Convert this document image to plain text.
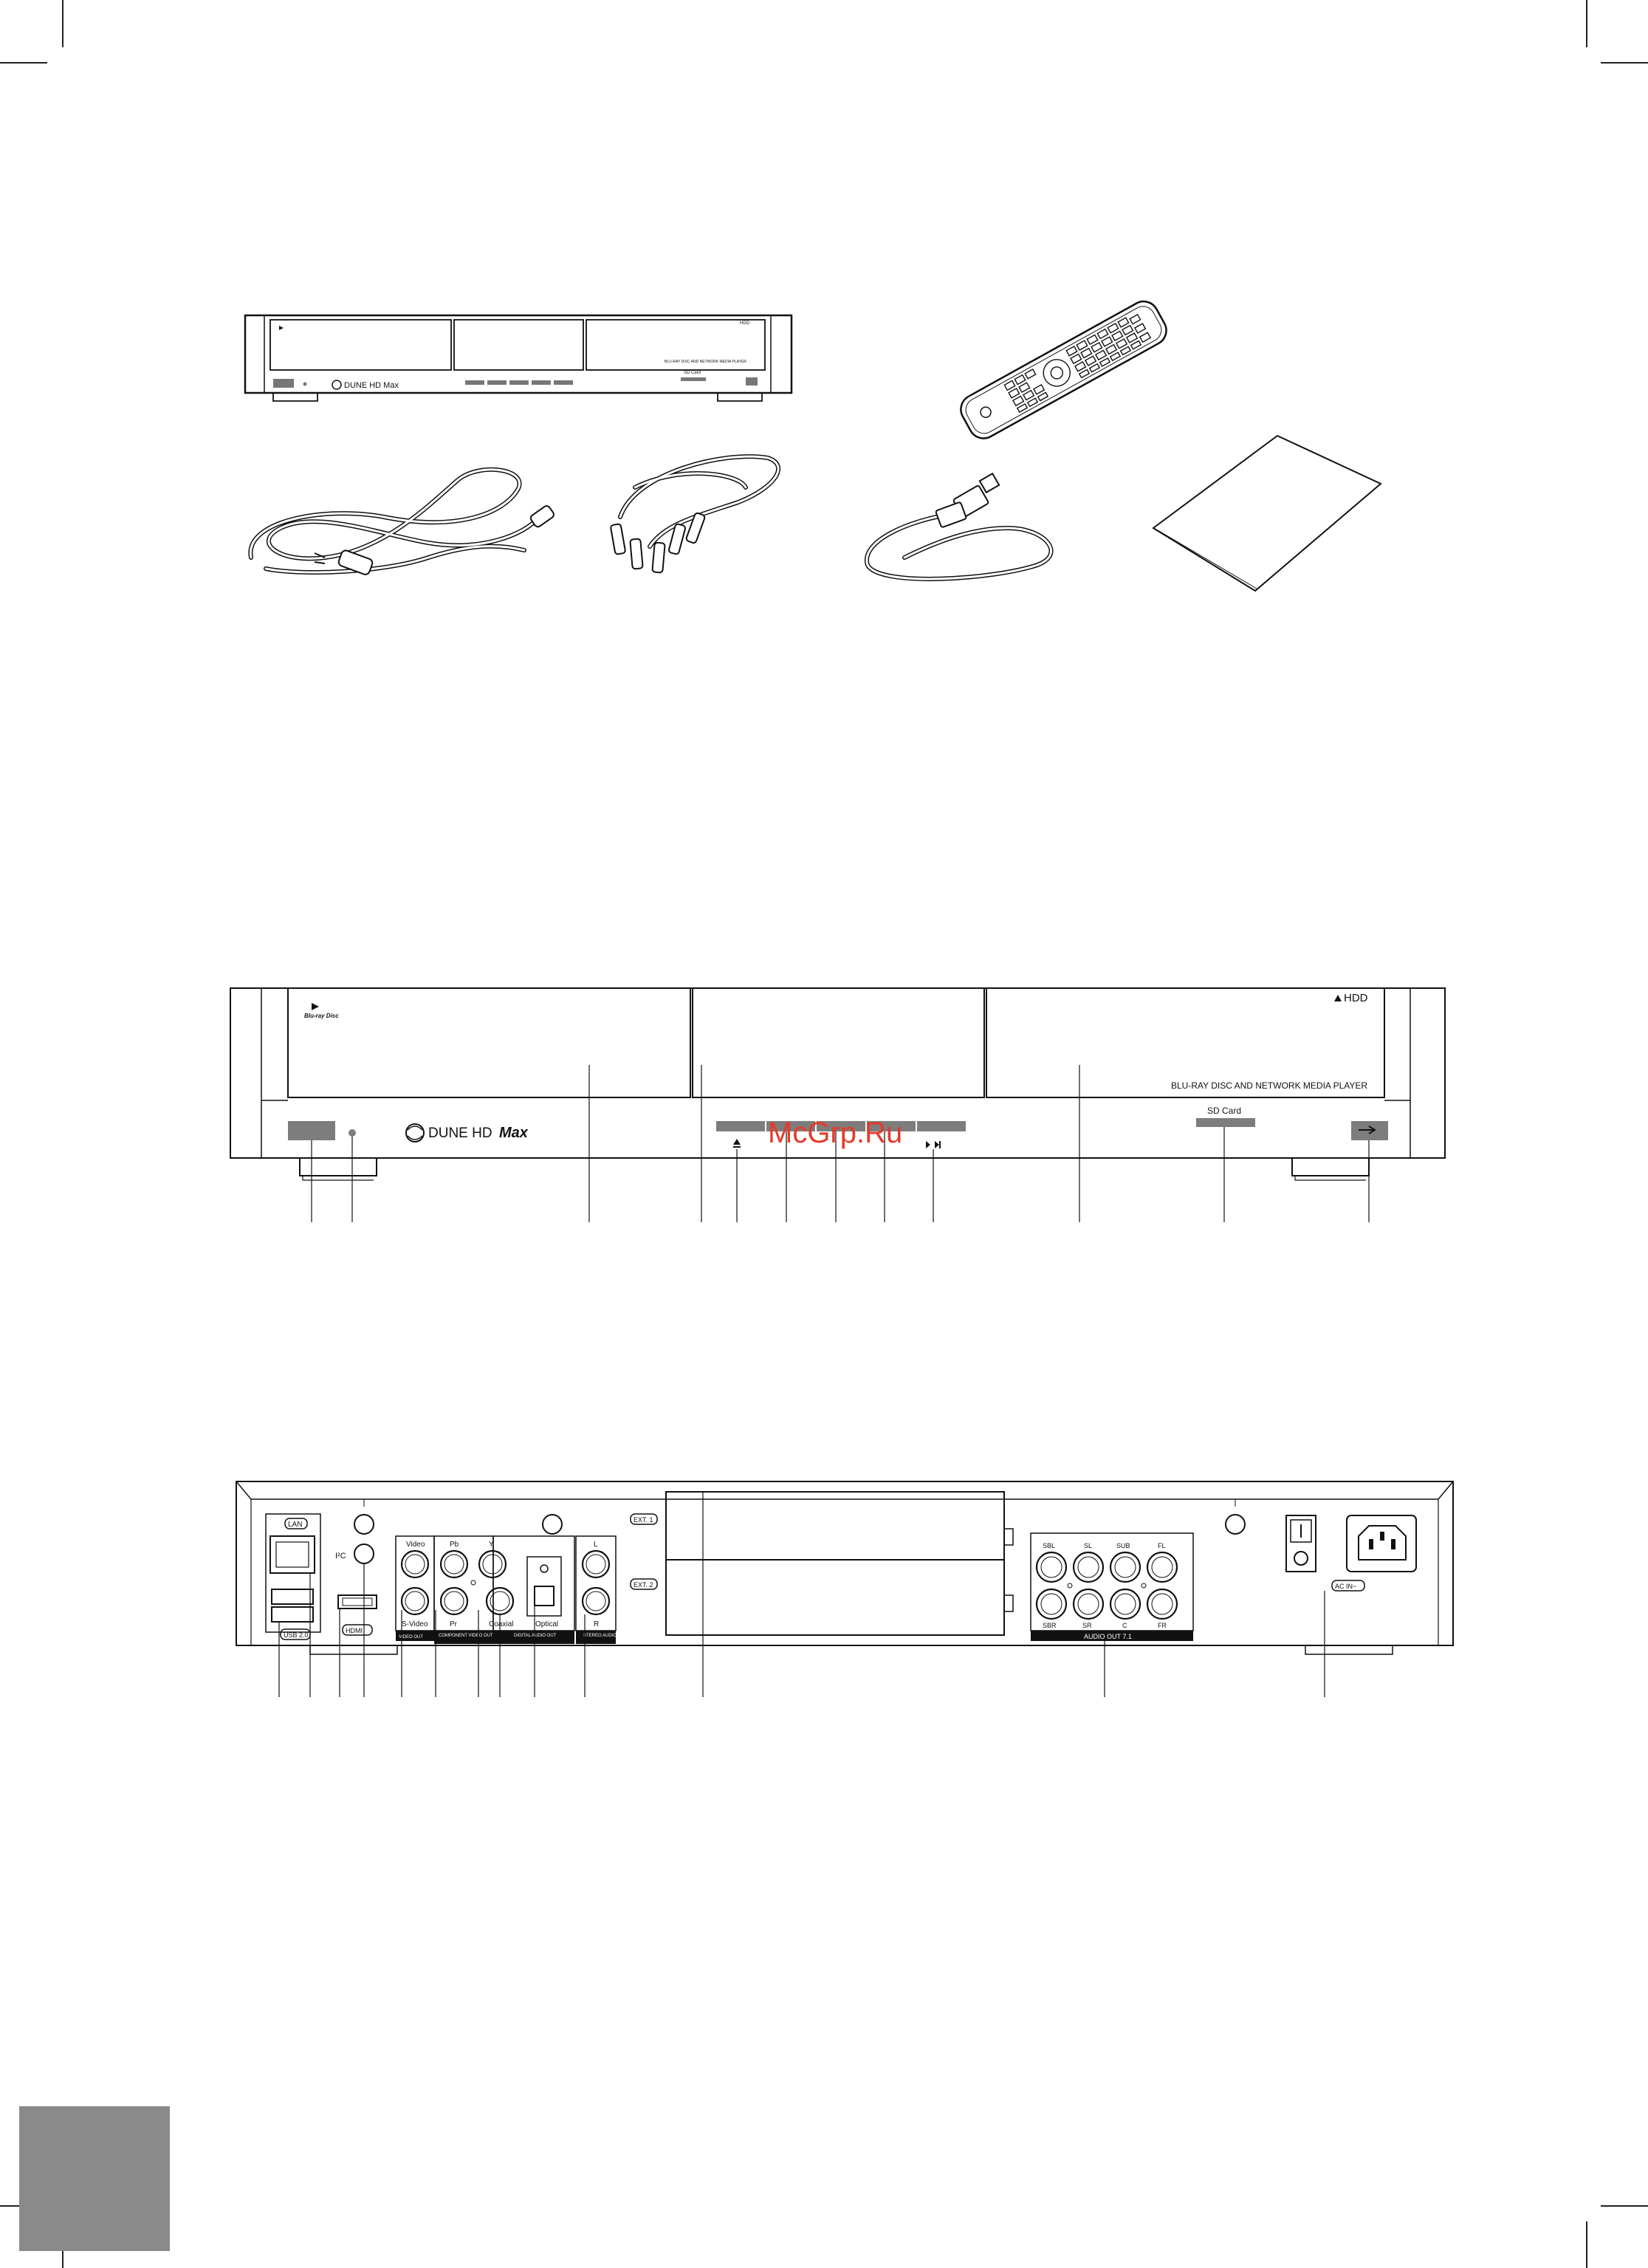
DUNE HD Max
BLU-RAY DISC AND NETWORK MEDIA PLAYER
HDD
SD Card
Blu-ray Disc
HDD
BLU-RAY DISC AND NETWORK MEDIA PLAYER
SD Card
DUNE HD Max	McGrp.Ru
LAN
USB 2.0
I²C
HDMI
VIDEO OUT
Video
S-Video
COMPONENT VIDEO OUT
Pb	Y
Pr
DIGITAL AUDIO OUT
Coaxial	Optical
STEREO AUDIO OUT
L
R
EXT. 1
EXT. 2
AUDIO OUT 7.1
SBL	SL	SUB	FL
SBR	SR	C	FR
AC IN~
